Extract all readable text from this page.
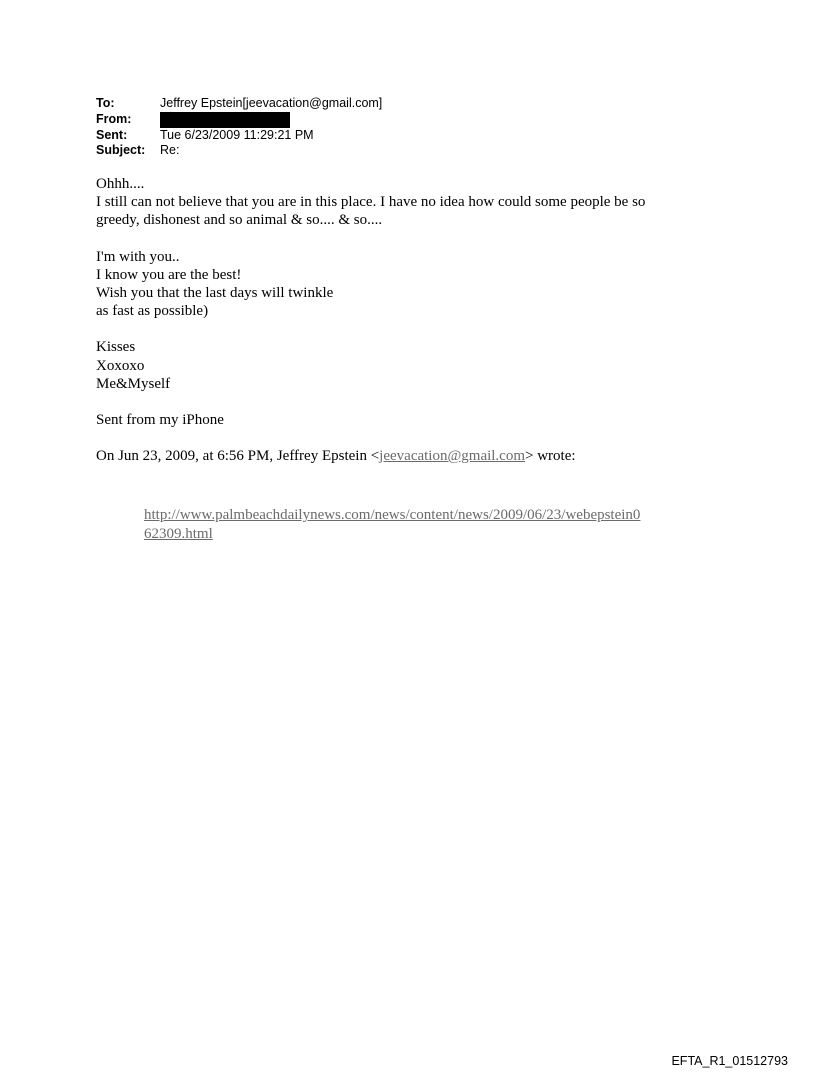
To:	Jeffrey Epstein[jeevacation@gmail.com]
From:
Sent:	Tue 6/23/2009 11:29:21 PM
Subject:	Re:
Ohhh....
I still can not believe that you are in this place. I have no idea how could some people be so
greedy, dishonest and so animal & so.... & so....
I'm with you..
I know you are the best!
Wish you that the last days will twinkle
as fast as possible)
Kisses
Xoxoxo
Me&Myself
Sent from my iPhone
On Jun 23, 2009, at 6:56 PM, Jeffrey Epstein <jeevacation@gmail.com> wrote:
http://www.palmbeachdailynews.com/news/content/news/2009/06/23/webepstein0
62309.html
EFTA_R1_01512793
